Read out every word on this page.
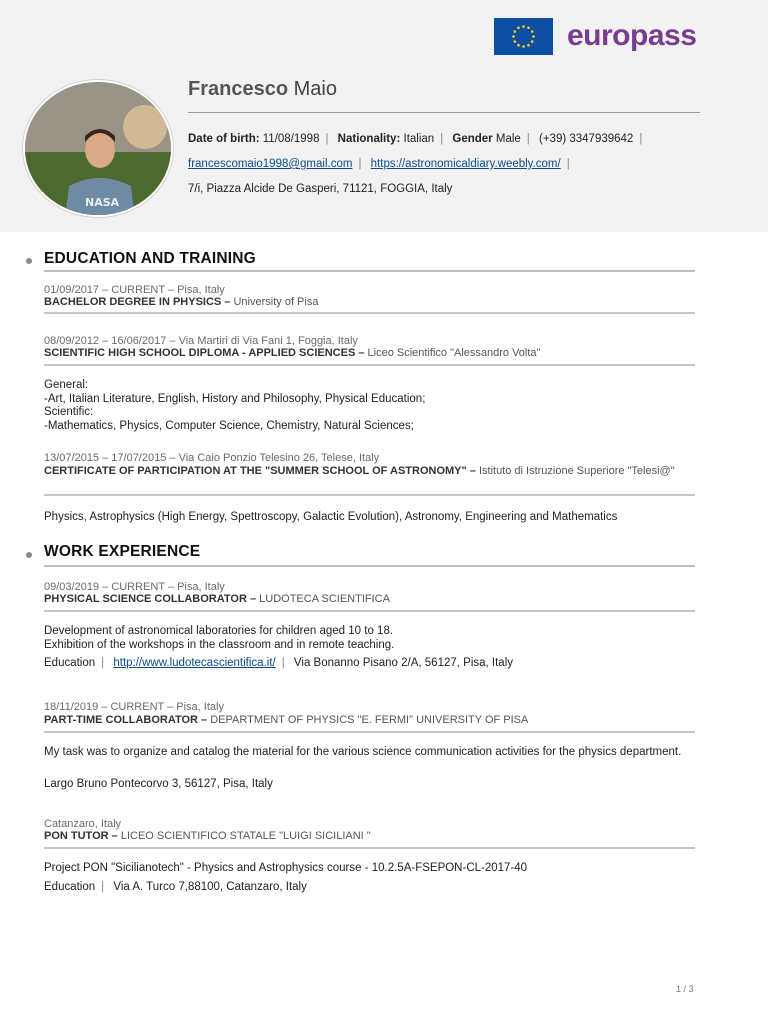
europass
NASA
Francesco Maio
Date of birth: 11/08/1998 | Nationality: Italian | Gender Male | (+39) 3347939642 |
francescomaio1998@gmail.com | https://astronomicaldiary.weebly.com/ |
7/i, Piazza Alcide De Gasperi, 71121, FOGGIA, Italy
EDUCATION AND TRAINING
01/09/2017 – CURRENT – Pisa, Italy
BACHELOR DEGREE IN PHYSICS – University of Pisa
08/09/2012 – 16/06/2017 – Via Martiri di Via Fani 1, Foggia, Italy
SCIENTIFIC HIGH SCHOOL DIPLOMA - APPLIED SCIENCES – Liceo Scientifico "Alessandro Volta"
General:
-Art, Italian Literature, English, History and Philosophy, Physical Education;
Scientific:
-Mathematics, Physics, Computer Science, Chemistry, Natural Sciences;
13/07/2015 – 17/07/2015 – Via Caio Ponzio Telesino 26, Telese, Italy
CERTIFICATE OF PARTICIPATION AT THE "SUMMER SCHOOL OF ASTRONOMY" – Istituto di Istruzione Superiore "Telesi@"
Physics, Astrophysics (High Energy, Spettroscopy, Galactic Evolution), Astronomy, Engineering and Mathematics
WORK EXPERIENCE
09/03/2019 – CURRENT – Pisa, Italy
PHYSICAL SCIENCE COLLABORATOR – LUDOTECA SCIENTIFICA
Development of astronomical laboratories for children aged 10 to 18.
Exhibition of the workshops in the classroom and in remote teaching.
Education | http://www.ludotecascientifica.it/ | Via Bonanno Pisano 2/A, 56127, Pisa, Italy
18/11/2019 – CURRENT – Pisa, Italy
PART-TIME COLLABORATOR – DEPARTMENT OF PHYSICS "E. FERMI" UNIVERSITY OF PISA
My task was to organize and catalog the material for the various science communication activities for the physics department.
Largo Bruno Pontecorvo 3, 56127, Pisa, Italy
Catanzaro, Italy
PON TUTOR – LICEO SCIENTIFICO STATALE "LUIGI SICILIANI "
Project PON "Sicilianotech" - Physics and Astrophysics course - 10.2.5A-FSEPON-CL-2017-40
Education | Via A. Turco 7,88100, Catanzaro, Italy
1 / 3
